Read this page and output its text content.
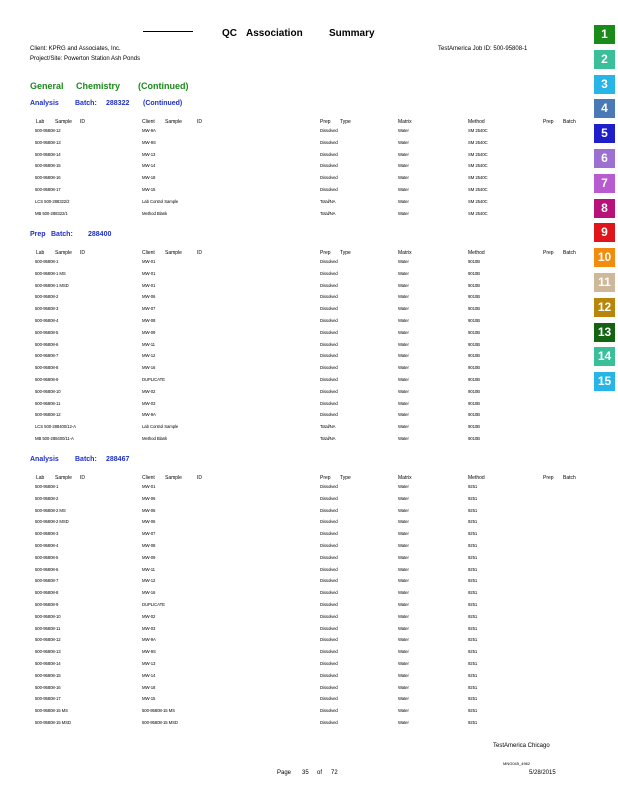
QC Association	Summary
Client: KPRG and Associates, Inc.
Project/Site: Powerton Station Ash Ponds
TestAmerica Job ID: 500-95808-1
General Chemistry (Continued)
Analysis Batch: 288322 (Continued)
Lab Sample ID	Client Sample	ID	Prep Type	Matrix	Method	Prep Batch
500-95808-12	MW-9A	Dissolved	Water	SM 2540C
500-95808-13	MW-9S	Dissolved	Water	SM 2540C
500-95808-14	MW-13	Dissolved	Water	SM 2540C
500-95808-15	MW-14	Dissolved	Water	SM 2540C
500-95808-16	MW-18	Dissolved	Water	SM 2540C
500-95808-17	MW-15	Dissolved	Water	SM 2540C
LCS 500-288322/2	Lab Control Sample	Total/NA	Water	SM 2540C
MB 500-288322/1	Method Blank	Total/NA	Water	SM 2540C
Prep Batch: 288400
Lab Sample ID	Client Sample	ID	Prep Type	Matrix	Method	Prep Batch
500-95808-1	MW-01	Dissolved	Water	9010B
500-95808-1 MS	MW-01	Dissolved	Water	9010B
500-95808-1 MSD	MW-01	Dissolved	Water	9010B
500-95808-2	MW-06	Dissolved	Water	9010B
500-95808-3	MW-07	Dissolved	Water	9010B
500-95808-4	MW-08	Dissolved	Water	9010B
500-95808-5	MW-09	Dissolved	Water	9010B
500-95808-6	MW-11	Dissolved	Water	9010B
500-95808-7	MW-12	Dissolved	Water	9010B
500-95808-8	MW-16	Dissolved	Water	9010B
500-95808-9	DUPLICATE	Dissolved	Water	9010B
500-95808-10	MW-02	Dissolved	Water	9010B
500-95808-11	MW-03	Dissolved	Water	9010B
500-95808-12	MW-9A	Dissolved	Water	9010B
LCS 500-288400/12-A	Lab Control Sample	Total/NA	Water	9010B
MB 500-288400/11-A	Method Blank	Total/NA	Water	9010B
Analysis Batch: 288467
Lab Sample ID	Client Sample	ID	Prep Type	Matrix	Method	Prep Batch
500-95808-1	MW-01	Dissolved	Water	9251
500-95808-2	MW-06	Dissolved	Water	9251
500-95808-2 MS	MW-06	Dissolved	Water	9251
500-95808-2 MSD	MW-06	Dissolved	Water	9251
500-95808-3	MW-07	Dissolved	Water	9251
500-95808-4	MW-08	Dissolved	Water	9251
500-95808-5	MW-09	Dissolved	Water	9251
500-95808-6	MW-11	Dissolved	Water	9251
500-95808-7	MW-12	Dissolved	Water	9251
500-95808-8	MW-16	Dissolved	Water	9251
500-95808-9	DUPLICATE	Dissolved	Water	9251
500-95808-10	MW-02	Dissolved	Water	9251
500-95808-11	MW-03	Dissolved	Water	9251
500-95808-12	MW-9A	Dissolved	Water	9251
500-95808-13	MW-9S	Dissolved	Water	9251
500-95808-14	MW-13	Dissolved	Water	9251
500-95808-15	MW-14	Dissolved	Water	9251
500-95808-16	MW-18	Dissolved	Water	9251
500-95808-17	MW-15	Dissolved	Water	9251
500-95808-15 MS	500-95808-15 MS	Dissolved	Water	9251
500-95808-15 MSD	500-95808-15 MSD	Dissolved	Water	9251
1
2
3
4
5
6
7
8
9
10
11
12
13
14
15
TestAmerica Chicago
MNG045_4962
Page 35 of 72	5/28/2015
